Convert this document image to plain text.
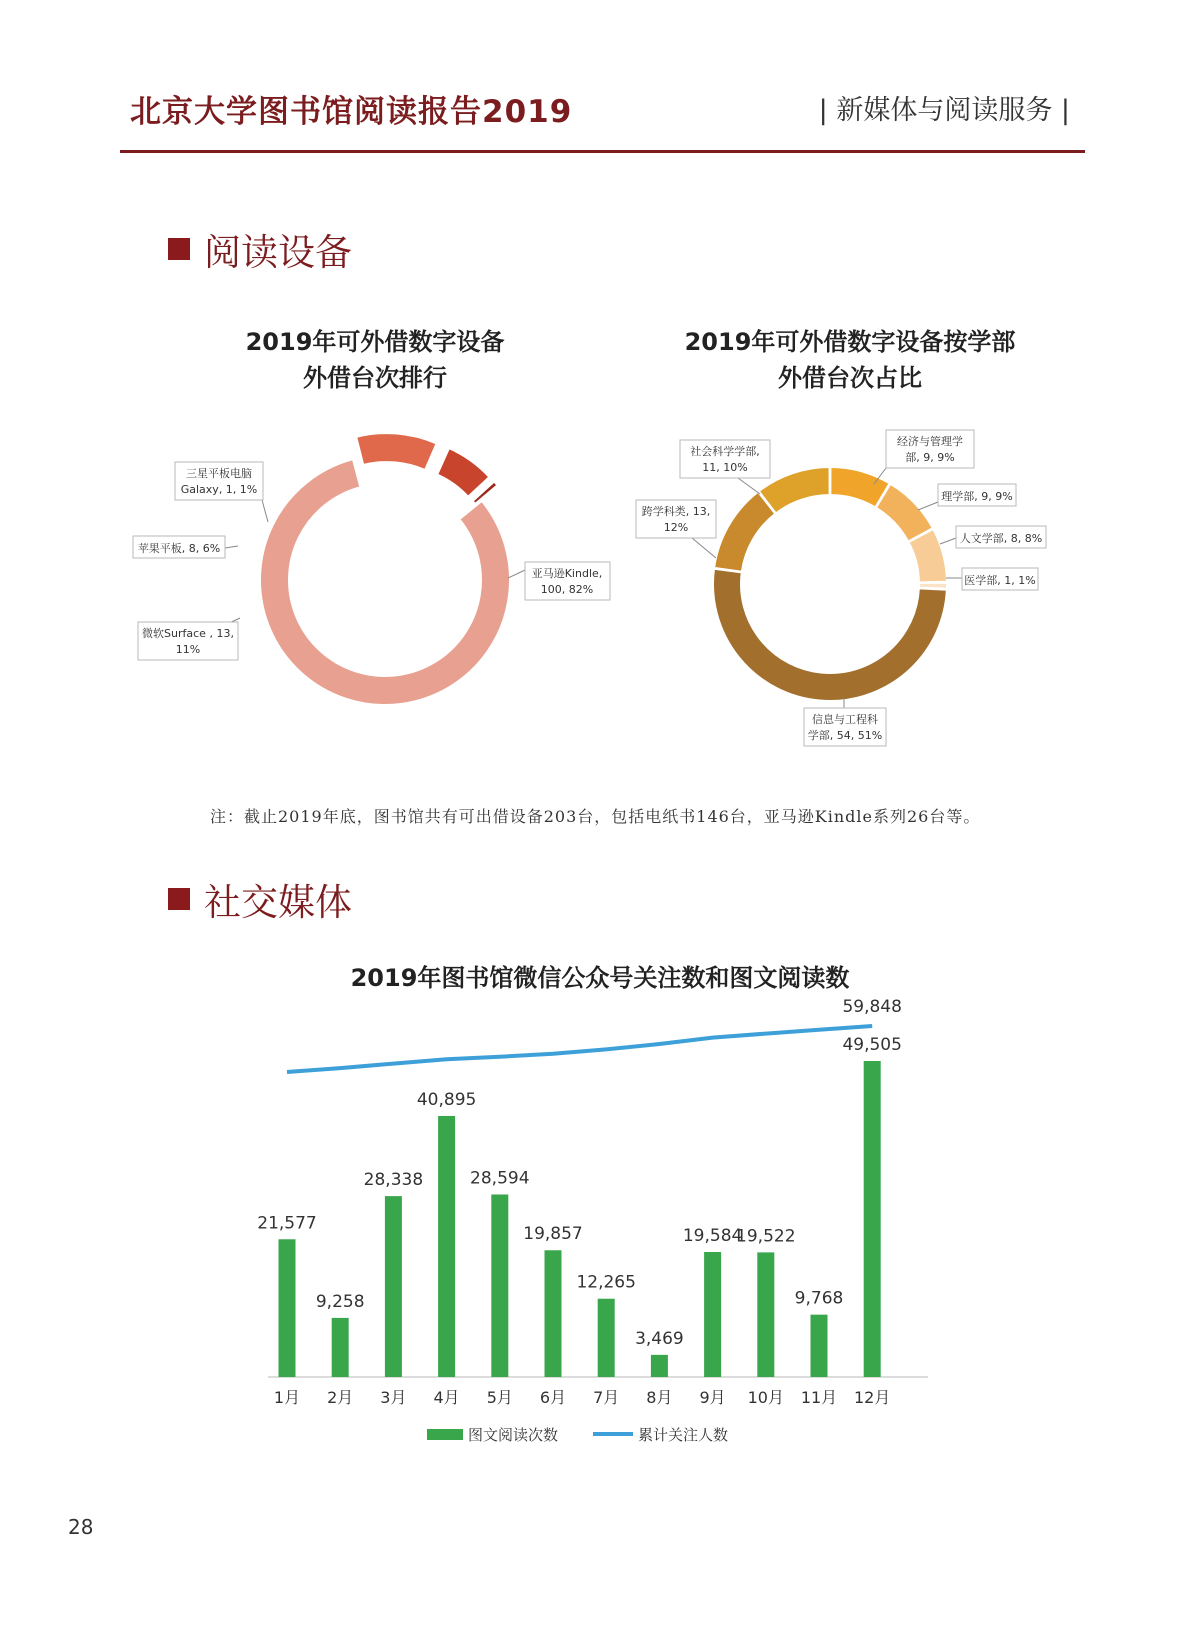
北京大学图书馆阅读报告2019	| 新媒体与阅读服务 |
阅读设备
2019年可外借数字设备
外借台次排行
2019年可外借数字设备按学部
外借台次占比
亚马逊Kindle,
100, 82%
微软Surface , 13,
11%
苹果平板, 8, 6%
三星平板电脑
Galaxy, 1, 1%
经济与管理学
部, 9, 9%
理学部, 9, 9%
人文学部, 8, 8%
医学部, 1, 1%
信息与工程科
学部, 54, 51%
跨学科类, 13,
12%
社会科学学部,
11, 10%
注：截止2019年底，图书馆共有可出借设备203台，包括电纸书146台，亚马逊Kindle系列26台等。
社交媒体
2019年图书馆微信公众号关注数和图文阅读数
21,577
9,258
28,338
40,895
28,594
19,857
12,265
3,469
19,584
19,522
9,768
49,505
1月 2月 3月 4月 5月 6月 7月 8月 9月 10月 11月 12月
59,848
图文阅读次数	累计关注人数
28
